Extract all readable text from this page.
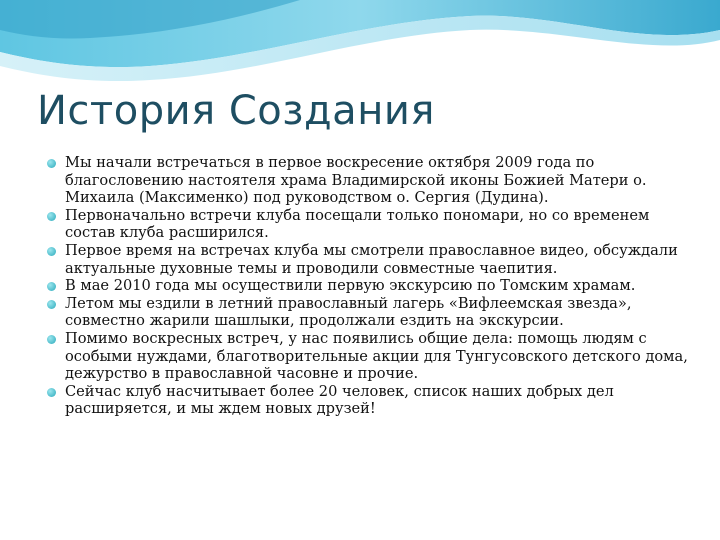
История Создания
Мы начали встречаться в первое воскресение октября 2009 года по благословению настоятеля храма Владимирской иконы Божией Матери о. Михаила (Максименко) под руководством о. Сергия (Дудина).
Первоначально встречи клуба посещали только пономари, но со временем состав клуба расширился.
Первое время на встречах клуба мы смотрели православное видео, обсуждали актуальные духовные темы и проводили совместные чаепития.
В мае 2010 года мы осуществили первую экскурсию по Томским храмам.
Летом мы ездили в летний православный лагерь «Вифлеемская звезда», совместно жарили шашлыки, продолжали ездить на экскурсии.
Помимо воскресных встреч, у нас появились общие дела: помощь людям с особыми нуждами, благотворительные акции для Тунгусовского детского дома, дежурство в православной часовне и прочие.
Сейчас клуб насчитывает более 20 человек, список наших добрых дел расширяется, и мы ждем новых друзей!
